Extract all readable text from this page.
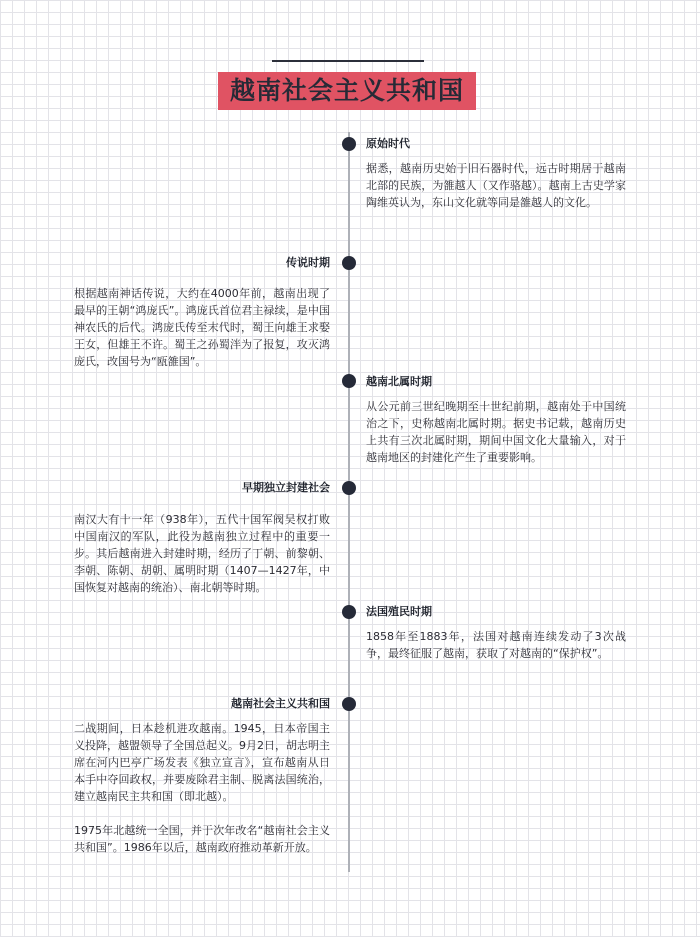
越南社会主义共和国
原始时代

据悉，越南历史始于旧石器时代，远古时期居于越南北部的民族，为雒越人（又作骆越）。越南上古史学家陶维英认为，东山文化就等同是雒越人的文化。

传说时期

根据越南神话传说，大约在4000年前，越南出现了最早的王朝“鸿庞氏”。鸿庞氏首位君主禄续，是中国神农氏的后代。鸿庞氏传至末代时，蜀王向雄王求娶王女，但雄王不许。蜀王之孙蜀泮为了报复，攻灭鸿庞氏，改国号为“瓯雒国”。

越南北属时期

从公元前三世纪晚期至十世纪前期，越南处于中国统治之下，史称越南北属时期。据史书记载，越南历史上共有三次北属时期，期间中国文化大量输入，对于越南地区的封建化产生了重要影响。

早期独立封建社会

南汉大有十一年（938年），五代十国军阀吴权打败中国南汉的军队，此役为越南独立过程中的重要一步。其后越南进入封建时期，经历了丁朝、前黎朝、李朝、陈朝、胡朝、属明时期（1407—1427年，中国恢复对越南的统治）、南北朝等时期。

法国殖民时期

1858年至1883年，法国对越南连续发动了3次战争，最终征服了越南，获取了对越南的“保护权”。

越南社会主义共和国

二战期间，日本趁机进攻越南。1945，日本帝国主义投降，越盟领导了全国总起义。9月2日，胡志明主席在河内巴亭广场发表《独立宣言》，宣布越南从日本手中夺回政权，并要废除君主制、脱离法国统治，建立越南民主共和国（即北越）。

1975年北越统一全国，并于次年改名“越南社会主义共和国”。1986年以后，越南政府推动革新开放。
